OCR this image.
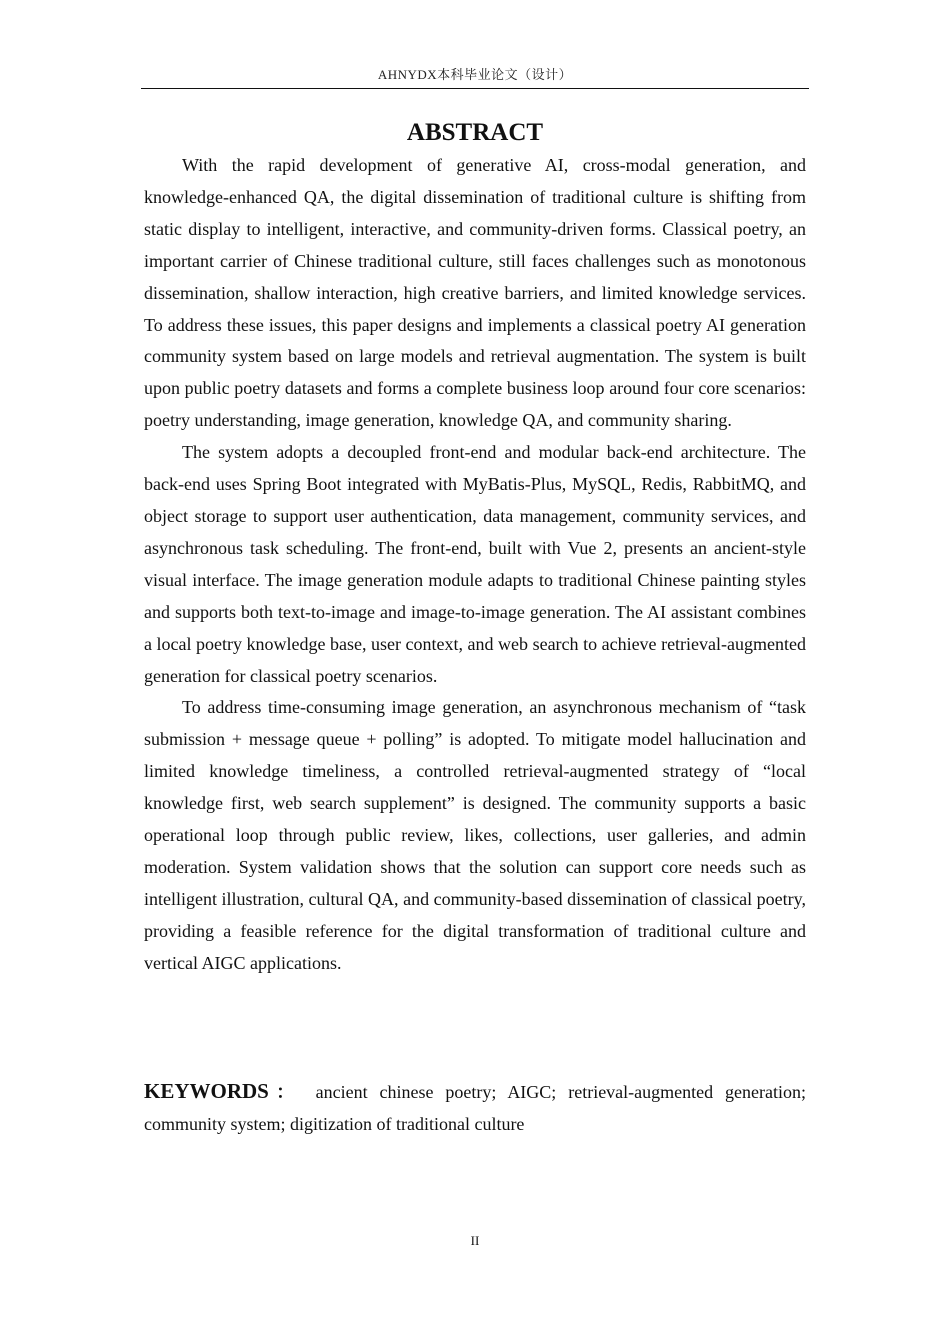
AHNYDX本科毕业论文（设计）
ABSTRACT

With the rapid development of generative AI, cross-modal generation, and knowledge-enhanced QA, the digital dissemination of traditional culture is shifting from static display to intelligent, interactive, and community-driven forms. Classical poetry, an important carrier of Chinese traditional culture, still faces challenges such as monotonous dissemination, shallow interaction, high creative barriers, and limited knowledge services. To address these issues, this paper designs and implements a classical poetry AI generation community system based on large models and retrieval augmentation. The system is built upon public poetry datasets and forms a complete business loop around four core scenarios: poetry understanding, image generation, knowledge QA, and community sharing.

The system adopts a decoupled front-end and modular back-end architecture. The back-end uses Spring Boot integrated with MyBatis-Plus, MySQL, Redis, RabbitMQ, and object storage to support user authentication, data management, community services, and asynchronous task scheduling. The front-end, built with Vue 2, presents an ancient-style visual interface. The image generation module adapts to traditional Chinese painting styles and supports both text-to-image and image-to-image generation. The AI assistant combines a local poetry knowledge base, user context, and web search to achieve retrieval-augmented generation for classical poetry scenarios.

To address time-consuming image generation, an asynchronous mechanism of “task submission + message queue + polling” is adopted. To mitigate model hallucination and limited knowledge timeliness, a controlled retrieval-augmented strategy of “local knowledge first, web search supplement” is designed. The community supports a basic operational loop through public review, likes, collections, user galleries, and admin moderation. System validation shows that the solution can support core needs such as intelligent illustration, cultural QA, and community-based dissemination of classical poetry, providing a feasible reference for the digital transformation of traditional culture and vertical AIGC applications.

KEYWORDS： ancient chinese poetry; AIGC; retrieval-augmented generation; community system; digitization of traditional culture

II
